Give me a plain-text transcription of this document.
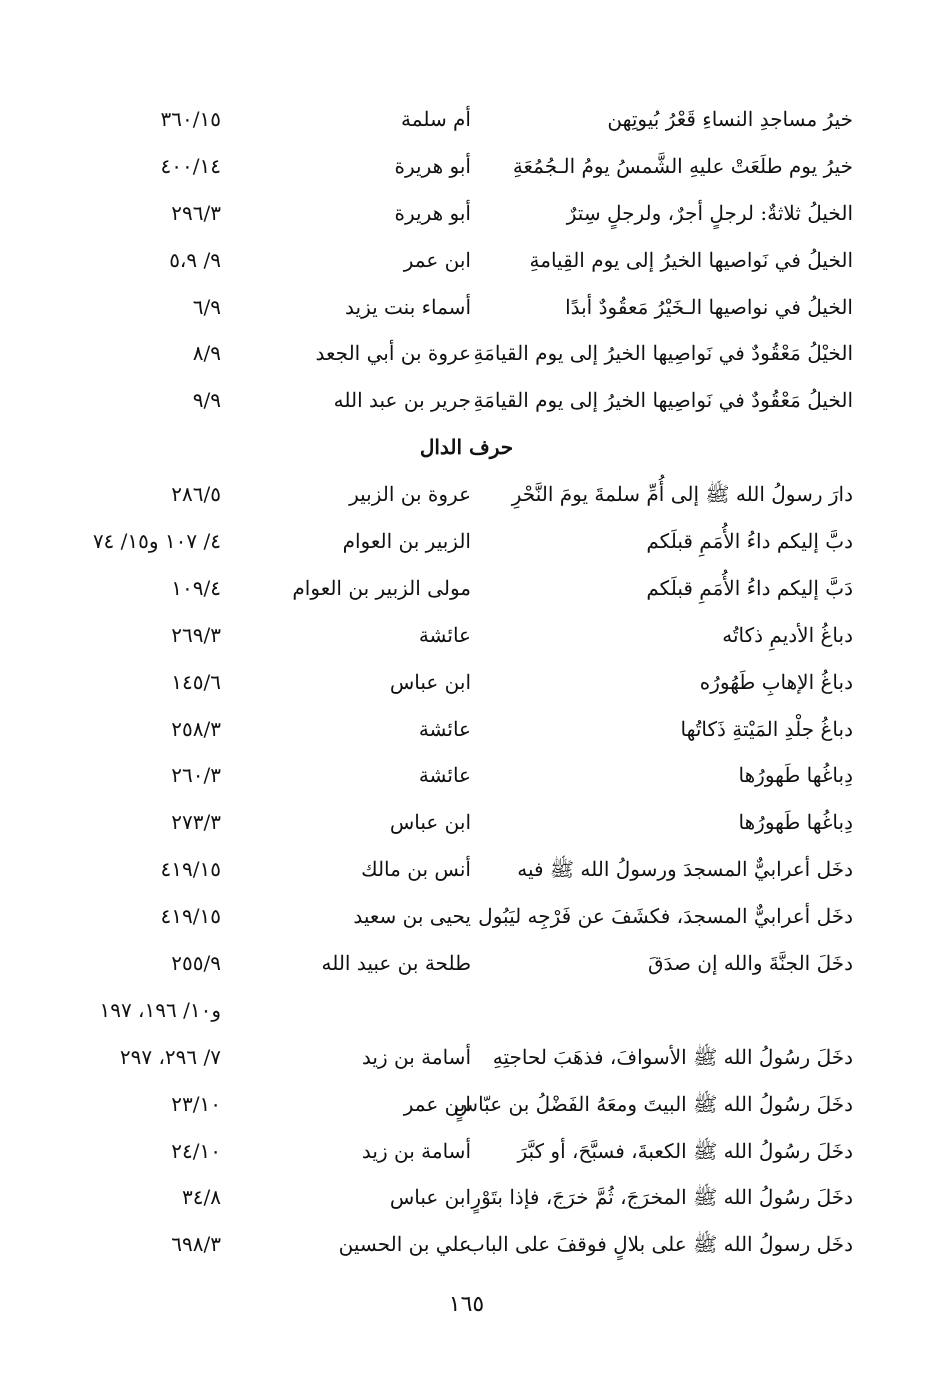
خيرُ مساجدِ النساءِ قَعْرُ بُيوتِهن
أم سلمة
٣٦٠/١٥
خيرُ يوم طلَعَتْ عليهِ الشَّمسُ يومُ الـجُمُعَةِ
أبو هريرة
٤٠٠/١٤
الخيلُ ثلاثةٌ: لرجلٍ أجرٌ، ولرجلٍ سِترٌ
أبو هريرة
٢٩٦/٣
الخيلُ في نَواصيها الخيرُ إلى يوم القِيامةِ
ابن عمر
٩/ ٥،٩
الخيلُ في نواصيها الـخَيْرُ مَعقُودٌ أبدًا
أسماء بنت يزيد
٦/٩
الخيْلُ مَعْقُودٌ في نَواصِيها الخيرُ إلى يوم القيامَةِ
عروة بن أبي الجعد
٨/٩
الخيلُ مَعْقُودٌ في نَواصِيها الخيرُ إلى يوم القيامَةِ
جرير بن عبد الله
٩/٩
حرف الدال
دارَ رسولُ الله ﷺ إلى أُمِّ سلمةَ يومَ النَّحْرِ
عروة بن الزبير
٢٨٦/٥
دبَّ إليكم داءُ الأُمَمِ قبلَكم
الزبير بن العوام
٤/ ١٠٧ و١٥/ ٧٤
دَبَّ إليكم داءُ الأُمَمِ قبلَكم
مولى الزبير بن العوام
١٠٩/٤
دباغُ الأديمِ ذكاتُه
عائشة
٢٦٩/٣
دباغُ الإهابِ طَهُورُه
ابن عباس
١٤٥/٦
دباغُ جلْدِ المَيْتةِ ذَكاتُها
عائشة
٢٥٨/٣
دِباغُها طَهورُها
عائشة
٢٦٠/٣
دِباغُها طَهورُها
ابن عباس
٢٧٣/٣
دخَل أعرابيٌّ المسجدَ ورسولُ الله ﷺ فيه
أنس بن مالك
٤١٩/١٥
دخَل أعرابيٌّ المسجدَ، فكشَفَ عن فَرْجِه ليَبُول
يحيى بن سعيد
٤١٩/١٥
دخَلَ الجنَّةَ والله إن صدَقَ
طلحة بن عبيد الله
٢٥٥/٩
و١٠/ ١٩٦، ١٩٧
دخَلَ رسُولُ الله ﷺ الأسوافَ، فذهَبَ لحاجتِهِ
أسامة بن زيد
٧/ ٢٩٦، ٢٩٧
دخَلَ رسُولُ الله ﷺ البيتَ ومعَهُ الفَضْلُ بن عبّاسٍ
ابن عمر
٢٣/١٠
دخَلَ رسُولُ الله ﷺ الكعبةَ، فسبَّحَ، أو كبَّرَ
أسامة بن زيد
٢٤/١٠
دخَلَ رسُولُ الله ﷺ المخرَجَ، ثُمَّ خرَجَ، فإذا بتَوْرٍ
ابن عباس
٣٤/٨
دخَل رسولُ الله ﷺ على بلالٍ فوقفَ على الباب
علي بن الحسين
٦٩٨/٣
١٦٥
